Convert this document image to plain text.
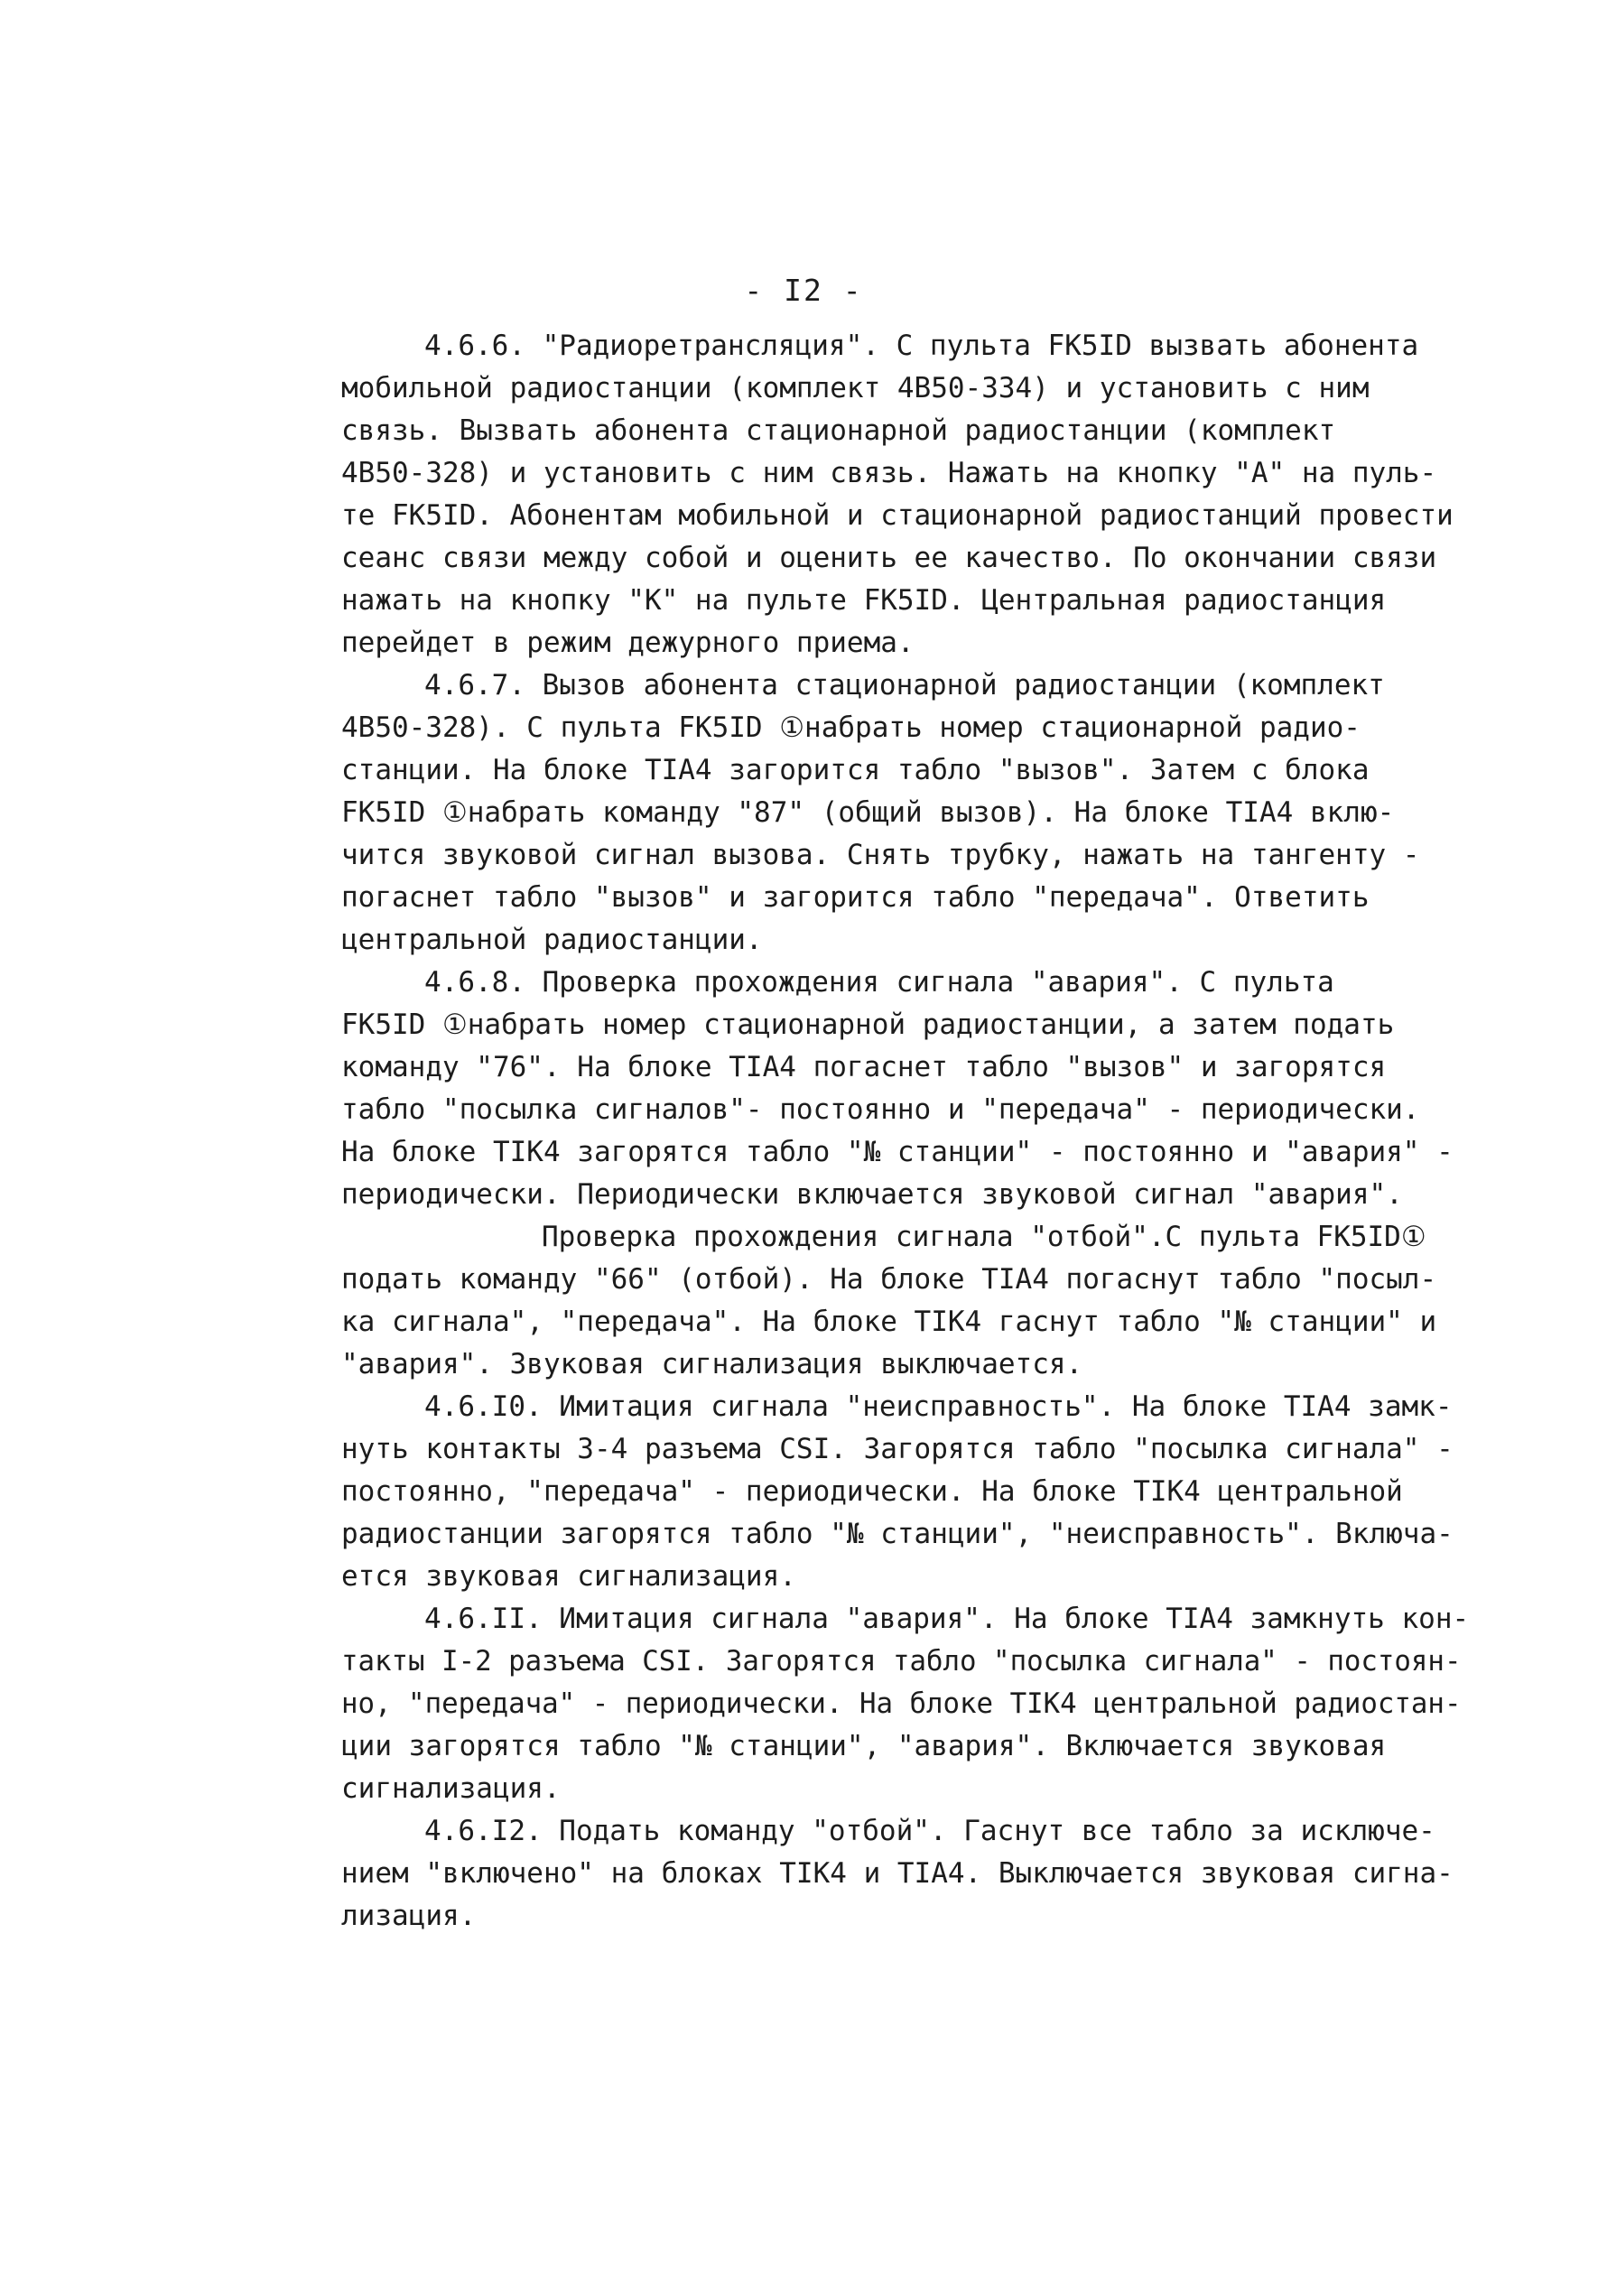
- I2 -
4.6.6. "Радиоретрансляция". С пульта FK5ID вызвать абонента
мобильной радиостанции (комплект 4В50-334) и установить с ним
связь. Вызвать абонента стационарной радиостанции (комплект
4В50-328) и установить с ним связь. Нажать на кнопку "А" на пуль-
те FK5ID. Абонентам мобильной и стационарной радиостанций провести
сеанс связи между собой и оценить ее качество. По окончании связи
нажать на кнопку "К" на пульте FK5ID. Центральная радиостанция
перейдет в режим дежурного приема.
4.6.7. Вызов абонента стационарной радиостанции (комплект
4В50-328). С пульта FK5ID ①набрать номер стационарной радио-
станции. На блоке TIA4 загорится табло "вызов". Затем с блока
FK5ID ①набрать команду "87" (общий вызов). На блоке TIA4 вклю-
чится звуковой сигнал вызова. Снять трубку, нажать на тангенту -
погаснет табло "вызов" и загорится табло "передача". Ответить
центральной радиостанции.
4.6.8. Проверка прохождения сигнала "авария". С пульта
FK5ID ①набрать номер стационарной радиостанции, а затем подать
команду "76". На блоке TIA4 погаснет табло "вызов" и загорятся
табло "посылка сигналов"- постоянно и "передача" - периодически.
На блоке TIK4 загорятся табло "№ станции" - постоянно и "авария" -
периодически. Периодически включается звуковой сигнал "авария".
Проверка прохождения сигнала "отбой".С пульта FK5ID①
подать команду "66" (отбой). На блоке TIA4 погаснут табло "посыл-
ка сигнала", "передача". На блоке TIK4 гаснут табло "№ станции" и
"авария". Звуковая сигнализация выключается.
4.6.I0. Имитация сигнала "неисправность". На блоке TIA4 замк-
нуть контакты 3-4 разъема CSI. Загорятся табло "посылка сигнала" -
постоянно, "передача" - периодически. На блоке TIK4 центральной
радиостанции загорятся табло "№ станции", "неисправность". Включа-
ется звуковая сигнализация.
4.6.II. Имитация сигнала "авария". На блоке TIA4 замкнуть кон-
такты I-2 разъема CSI. Загорятся табло "посылка сигнала" - постоян-
но, "передача" - периодически. На блоке TIK4 центральной радиостан-
ции загорятся табло "№ станции", "авария". Включается звуковая
сигнализация.
4.6.I2. Подать команду "отбой". Гаснут все табло за исключе-
нием "включено" на блоках TIK4 и TIA4. Выключается звуковая сигна-
лизация.
